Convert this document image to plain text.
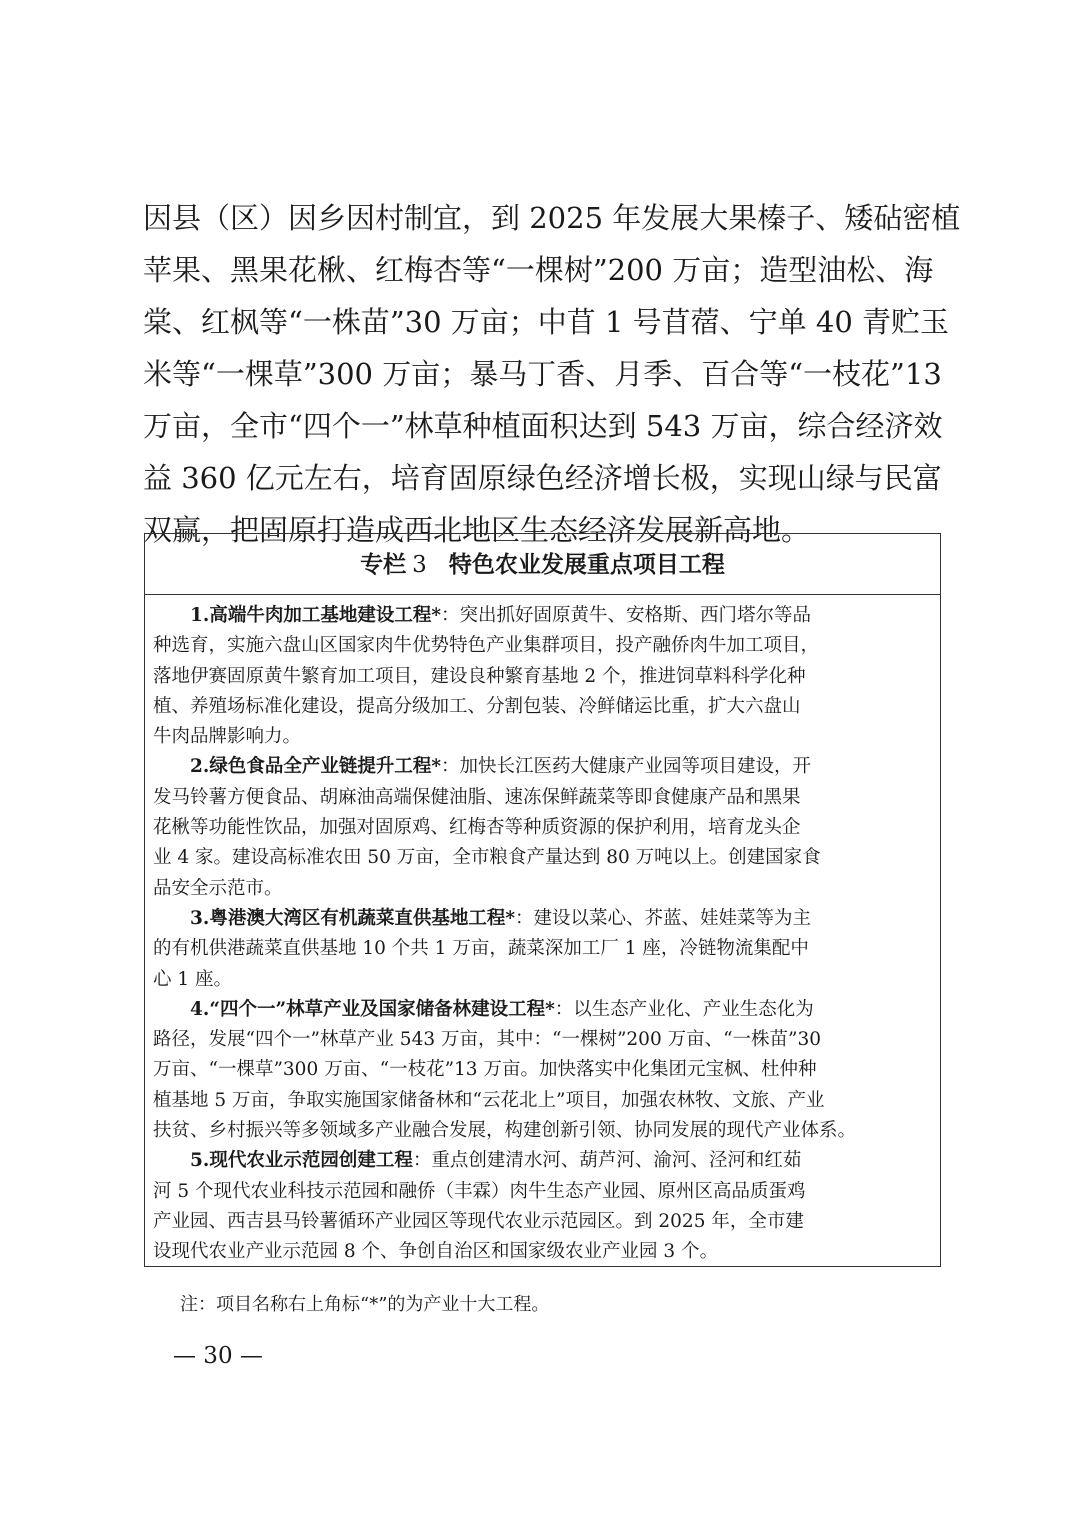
因县（区）因乡因村制宜，到 2025 年发展大果榛子、矮砧密植
苹果、黑果花楸、红梅杏等“一棵树”200 万亩；造型油松、海
棠、红枫等“一株苗”30 万亩；中苜 1 号苜蓿、宁单 40 青贮玉
米等“一棵草”300 万亩；暴马丁香、月季、百合等“一枝花”13
万亩，全市“四个一”林草种植面积达到 543 万亩，综合经济效
益 360 亿元左右，培育固原绿色经济增长极，实现山绿与民富
双赢，把固原打造成西北地区生态经济发展新高地。
专栏 3 特色农业发展重点项目工程

1.高端牛肉加工基地建设工程*：突出抓好固原黄牛、安格斯、西门塔尔等品
种选育，实施六盘山区国家肉牛优势特色产业集群项目，投产融侨肉牛加工项目，
落地伊赛固原黄牛繁育加工项目，建设良种繁育基地 2 个，推进饲草料科学化种
植、养殖场标准化建设，提高分级加工、分割包装、冷鲜储运比重，扩大六盘山
牛肉品牌影响力。

2.绿色食品全产业链提升工程*：加快长江医药大健康产业园等项目建设，开
发马铃薯方便食品、胡麻油高端保健油脂、速冻保鲜蔬菜等即食健康产品和黑果
花楸等功能性饮品，加强对固原鸡、红梅杏等种质资源的保护利用，培育龙头企
业 4 家。建设高标准农田 50 万亩，全市粮食产量达到 80 万吨以上。创建国家食
品安全示范市。

3.粤港澳大湾区有机蔬菜直供基地工程*：建设以菜心、芥蓝、娃娃菜等为主
的有机供港蔬菜直供基地 10 个共 1 万亩，蔬菜深加工厂 1 座，冷链物流集配中
心 1 座。

4.“四个一”林草产业及国家储备林建设工程*：以生态产业化、产业生态化为
路径，发展“四个一”林草产业 543 万亩，其中：“一棵树”200 万亩、“一株苗”30
万亩、“一棵草”300 万亩、“一枝花”13 万亩。加快落实中化集团元宝枫、杜仲种
植基地 5 万亩，争取实施国家储备林和“云花北上”项目，加强农林牧、文旅、产业
扶贫、乡村振兴等多领域多产业融合发展，构建创新引领、协同发展的现代产业体系。

5.现代农业示范园创建工程：重点创建清水河、葫芦河、渝河、泾河和红茹
河 5 个现代农业科技示范园和融侨（丰霖）肉牛生态产业园、原州区高品质蛋鸡
产业园、西吉县马铃薯循环产业园区等现代农业示范园区。到 2025 年，全市建
设现代农业产业示范园 8 个、争创自治区和国家级农业产业园 3 个。

注：项目名称右上角标“*”的为产业十大工程。

— 30 —
